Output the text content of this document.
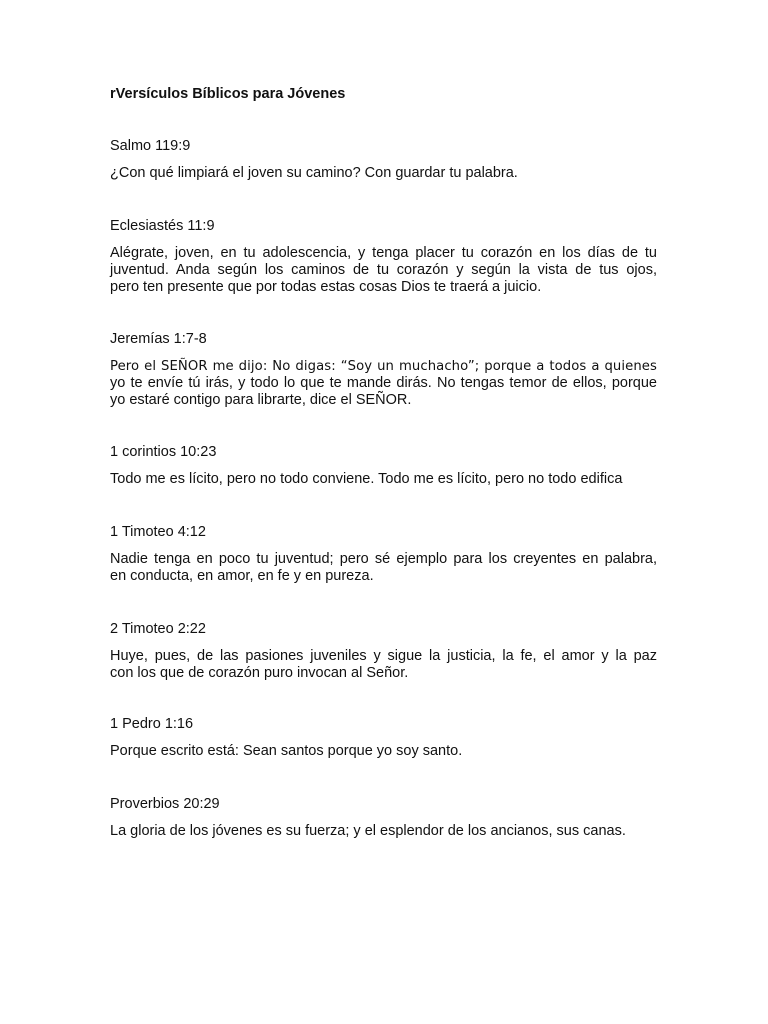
rVersículos Bíblicos para Jóvenes

Salmo 119:9

¿Con qué limpiará el joven su camino? Con guardar tu palabra.

Eclesiastés 11:9

Alégrate, joven, en tu adolescencia, y tenga placer tu corazón en los días de tu
juventud. Anda según los caminos de tu corazón y según la vista de tus ojos,
pero ten presente que por todas estas cosas Dios te traerá a juicio.

Jeremías 1:7-8

Pero el SEÑOR me dijo: No digas: “Soy un muchacho”; porque a todos a quienes
yo te envíe tú irás, y todo lo que te mande dirás. No tengas temor de ellos, porque
yo estaré contigo para librarte, dice el SEÑOR.

1 corintios 10:23

Todo me es lícito, pero no todo conviene. Todo me es lícito, pero no todo edifica

1 Timoteo 4:12

Nadie tenga en poco tu juventud; pero sé ejemplo para los creyentes en palabra,
en conducta, en amor, en fe y en pureza.

2 Timoteo 2:22

Huye, pues, de las pasiones juveniles y sigue la justicia, la fe, el amor y la paz
con los que de corazón puro invocan al Señor.

1 Pedro 1:16

Porque escrito está: Sean santos porque yo soy santo.

Proverbios 20:29

La gloria de los jóvenes es su fuerza; y el esplendor de los ancianos, sus canas.
